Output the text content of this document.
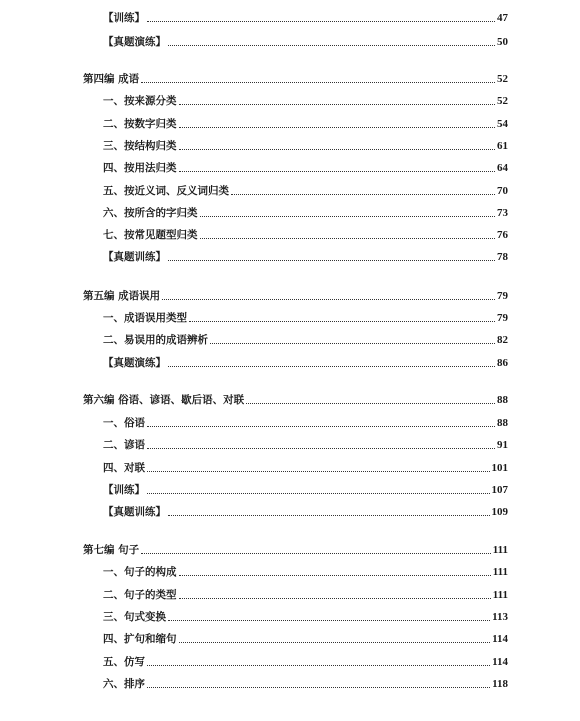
【训练】	47
【真题演练】	50
第四编 成语	52
一、按来源分类	52
二、按数字归类	54
三、按结构归类	61
四、按用法归类	64
五、按近义词、反义词归类	70
六、按所含的字归类	73
七、按常见题型归类	76
【真题训练】	78
第五编 成语误用	79
一、成语误用类型	79
二、易误用的成语辨析	82
【真题演练】	86
第六编 俗语、谚语、歇后语、对联	88
一、俗语	88
二、谚语	91
四、对联	101
【训练】	107
【真题训练】	109
第七编 句子	111
一、句子的构成	111
二、句子的类型	111
三、句式变换	113
四、扩句和缩句	114
五、仿写	114
六、排序	118
